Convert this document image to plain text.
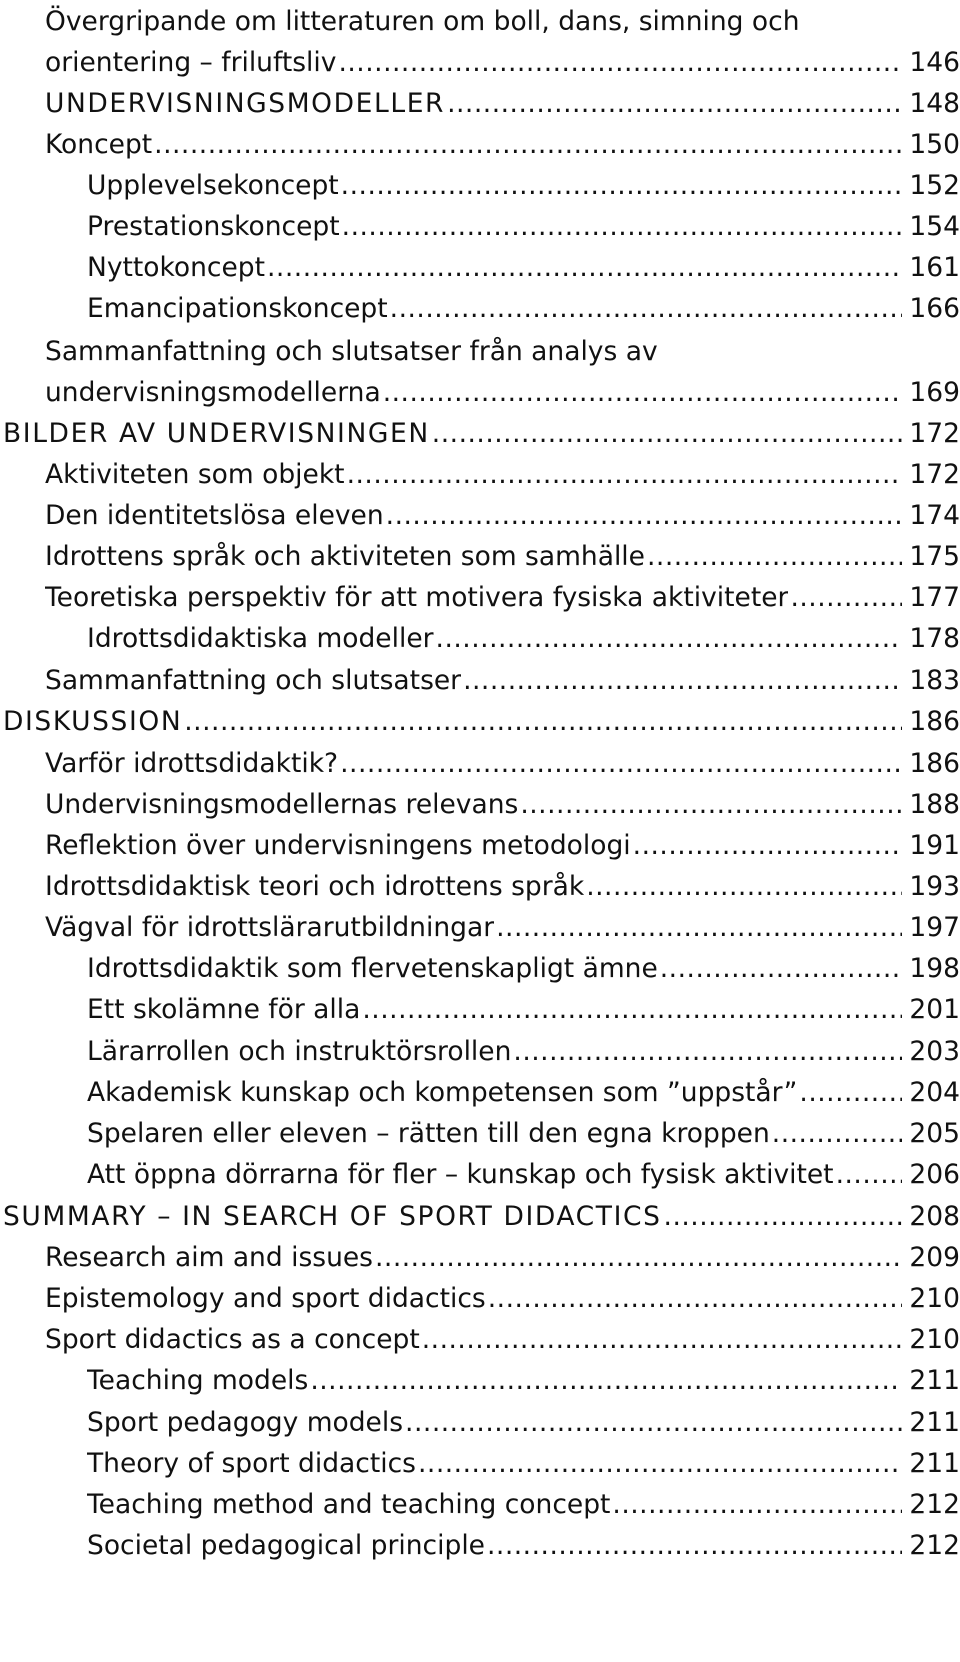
Övergripande om litteraturen om boll, dans, simning och
orientering – friluftsliv .....	146
UNDERVISNINGSMODELLER .....	148
Koncept .....	150
Upplevelsekoncept .....	152
Prestationskoncept .....	154
Nyttokoncept .....	161
Emancipationskoncept .....	166
Sammanfattning och slutsatser från analys av
undervisningsmodellerna .....	169
BILDER AV UNDERVISNINGEN .....	172
Aktiviteten som objekt .....	172
Den identitetslösa eleven .....	174
Idrottens språk och aktiviteten som samhälle .....	175
Teoretiska perspektiv för att motivera fysiska aktiviteter .....	177
Idrottsdidaktiska modeller .....	178
Sammanfattning och slutsatser .....	183
DISKUSSION .....	186
Varför idrottsdidaktik? .....	186
Undervisningsmodellernas relevans .....	188
Reflektion över undervisningens metodologi .....	191
Idrottsdidaktisk teori och idrottens språk .....	193
Vägval för idrottslärarutbildningar .....	197
Idrottsdidaktik som flervetenskapligt ämne .....	198
Ett skolämne för alla .....	201
Lärarrollen och instruktörsrollen .....	203
Akademisk kunskap och kompetensen som ”uppstår” .....	204
Spelaren eller eleven – rätten till den egna kroppen .....	205
Att öppna dörrarna för fler – kunskap och fysisk aktivitet .....	206
SUMMARY – IN SEARCH OF SPORT DIDACTICS .....	208
Research aim and issues .....	209
Epistemology and sport didactics .....	210
Sport didactics as a concept .....	210
Teaching models .....	211
Sport pedagogy models .....	211
Theory of sport didactics .....	211
Teaching method and teaching concept .....	212
Societal pedagogical principle .....	212
